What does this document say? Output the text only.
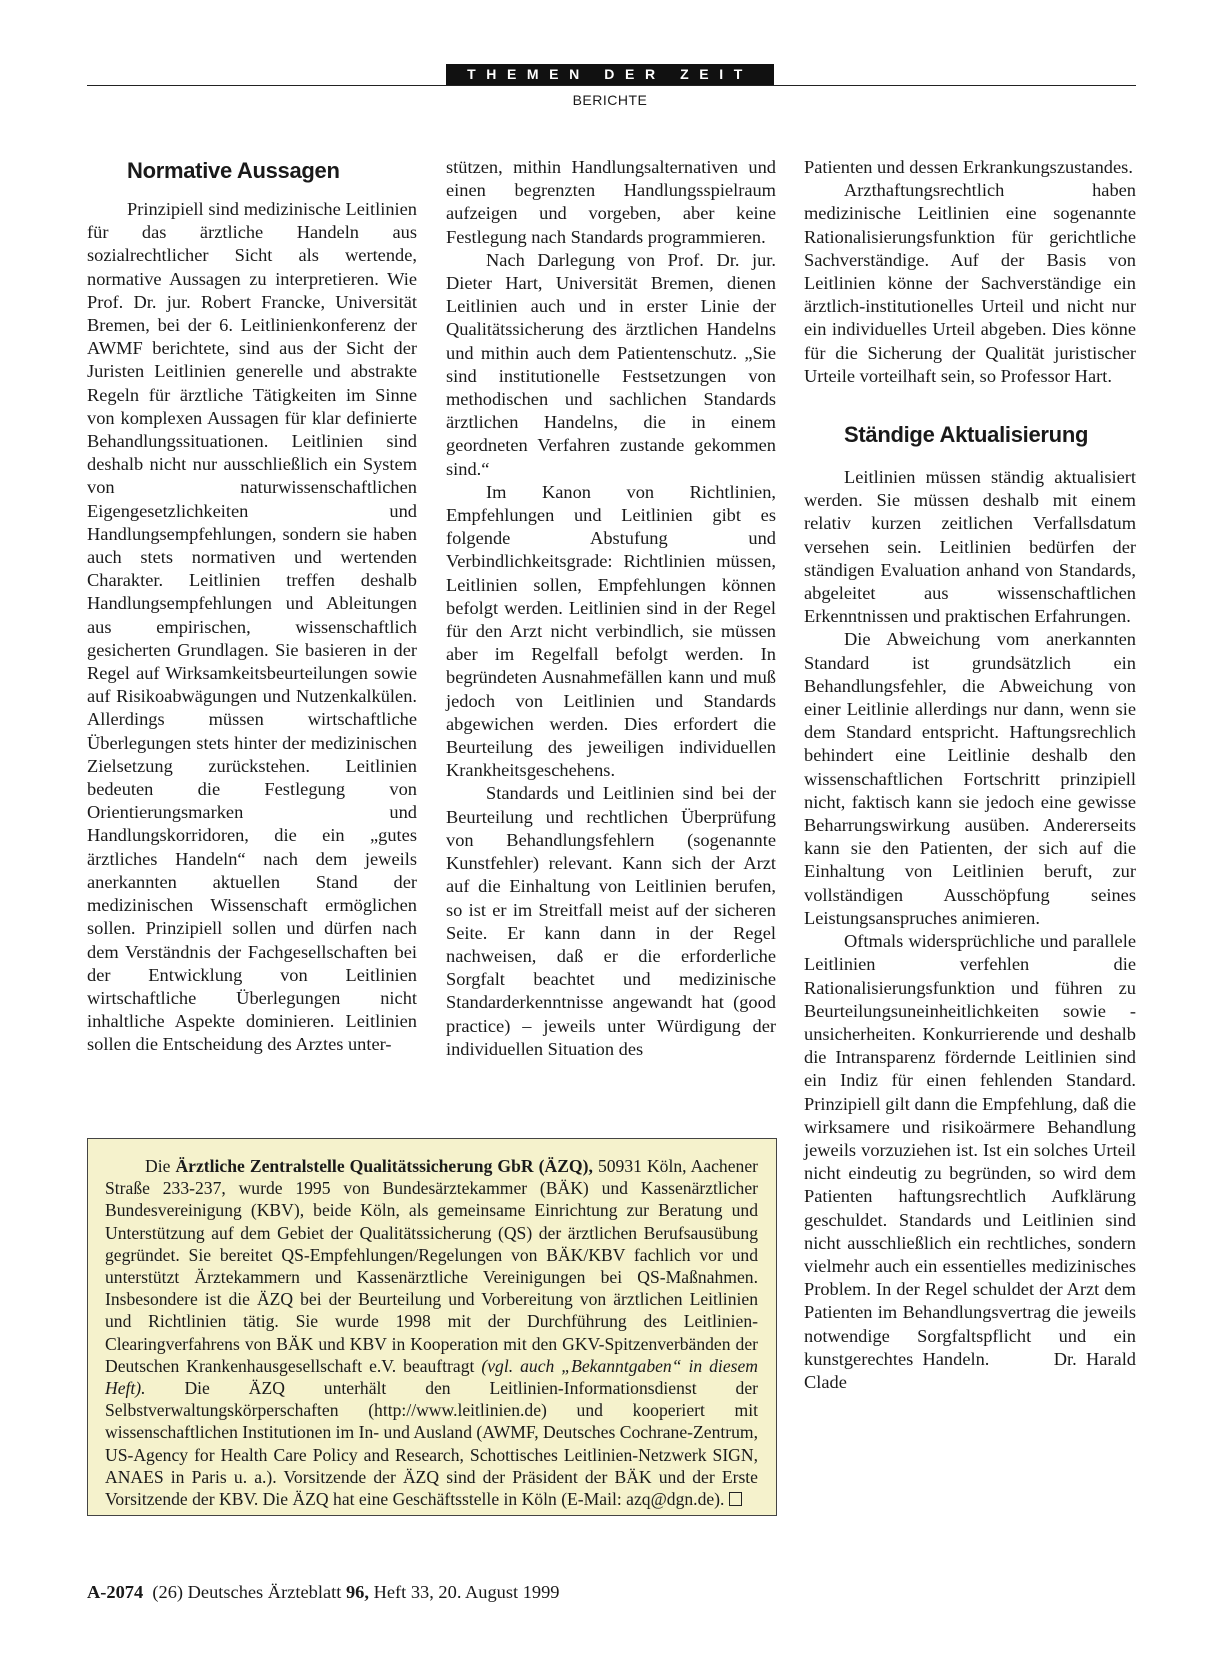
THEMEN DER ZEIT
BERICHTE
Normative Aussagen

Prinzipiell sind medizinische Leitlinien für das ärztliche Handeln aus sozialrechtlicher Sicht als wertende, normative Aussagen zu interpretieren. Wie Prof. Dr. jur. Robert Francke, Universität Bremen, bei der 6. Leitlinienkonferenz der AWMF berichtete, sind aus der Sicht der Juristen Leitlinien generelle und abstrakte Regeln für ärztliche Tätigkeiten im Sinne von komplexen Aussagen für klar definierte Behandlungssituationen. Leitlinien sind deshalb nicht nur ausschließlich ein System von naturwissenschaftlichen Eigengesetzlichkeiten und Handlungsempfehlungen, sondern sie haben auch stets normativen und wertenden Charakter. Leitlinien treffen deshalb Handlungsempfehlungen und Ableitungen aus empirischen, wissenschaftlich gesicherten Grundlagen. Sie basieren in der Regel auf Wirksamkeitsbeurteilungen sowie auf Risikoabwägungen und Nutzenkalkülen. Allerdings müssen wirtschaftliche Überlegungen stets hinter der medizinischen Zielsetzung zurückstehen. Leitlinien bedeuten die Festlegung von Orientierungsmarken und Handlungskorridoren, die ein „gutes ärztliches Handeln“ nach dem jeweils anerkannten aktuellen Stand der medizinischen Wissenschaft ermöglichen sollen. Prinzipiell sollen und dürfen nach dem Verständnis der Fachgesellschaften bei der Entwicklung von Leitlinien wirtschaftliche Überlegungen nicht inhaltliche Aspekte dominieren. Leitlinien sollen die Entscheidung des Arztes unter-

stützen, mithin Handlungsalternativen und einen begrenzten Handlungsspielraum aufzeigen und vorgeben, aber keine Festlegung nach Standards programmieren.

Nach Darlegung von Prof. Dr. jur. Dieter Hart, Universität Bremen, dienen Leitlinien auch und in erster Linie der Qualitätssicherung des ärztlichen Handelns und mithin auch dem Patientenschutz. „Sie sind institutionelle Festsetzungen von methodischen und sachlichen Standards ärztlichen Handelns, die in einem geordneten Verfahren zustande gekommen sind.“

Im Kanon von Richtlinien, Empfehlungen und Leitlinien gibt es folgende Abstufung und Verbindlichkeitsgrade: Richtlinien müssen, Leitlinien sollen, Empfehlungen können befolgt werden. Leitlinien sind in der Regel für den Arzt nicht verbindlich, sie müssen aber im Regelfall befolgt werden. In begründeten Ausnahmefällen kann und muß jedoch von Leitlinien und Standards abgewichen werden. Dies erfordert die Beurteilung des jeweiligen individuellen Krankheitsgeschehens.

Standards und Leitlinien sind bei der Beurteilung und rechtlichen Überprüfung von Behandlungsfehlern (sogenannte Kunstfehler) relevant. Kann sich der Arzt auf die Einhaltung von Leitlinien berufen, so ist er im Streitfall meist auf der sicheren Seite. Er kann dann in der Regel nachweisen, daß er die erforderliche Sorgfalt beachtet und medizinische Standarderkenntnisse angewandt hat (good practice) – jeweils unter Würdigung der individuellen Situation des

Patienten und dessen Erkrankungszustandes.

Arzthaftungsrechtlich haben medizinische Leitlinien eine sogenannte Rationalisierungsfunktion für gerichtliche Sachverständige. Auf der Basis von Leitlinien könne der Sachverständige ein ärztlich-institutionelles Urteil und nicht nur ein individuelles Urteil abgeben. Dies könne für die Sicherung der Qualität juristischer Urteile vorteilhaft sein, so Professor Hart.

Ständige Aktualisierung

Leitlinien müssen ständig aktualisiert werden. Sie müssen deshalb mit einem relativ kurzen zeitlichen Verfallsdatum versehen sein. Leitlinien bedürfen der ständigen Evaluation anhand von Standards, abgeleitet aus wissenschaftlichen Erkenntnissen und praktischen Erfahrungen.

Die Abweichung vom anerkannten Standard ist grundsätzlich ein Behandlungsfehler, die Abweichung von einer Leitlinie allerdings nur dann, wenn sie dem Standard entspricht. Haftungsrechlich behindert eine Leitlinie deshalb den wissenschaftlichen Fortschritt prinzipiell nicht, faktisch kann sie jedoch eine gewisse Beharrungswirkung ausüben. Andererseits kann sie den Patienten, der sich auf die Einhaltung von Leitlinien beruft, zur vollständigen Ausschöpfung seines Leistungsanspruches animieren.

Oftmals widersprüchliche und parallele Leitlinien verfehlen die Rationalisierungsfunktion und führen zu Beurteilungsuneinheitlichkeiten sowie -unsicherheiten. Konkurrierende und deshalb die Intransparenz fördernde Leitlinien sind ein Indiz für einen fehlenden Standard. Prinzipiell gilt dann die Empfehlung, daß die wirksamere und risikoärmere Behandlung jeweils vorzuziehen ist. Ist ein solches Urteil nicht eindeutig zu begründen, so wird dem Patienten haftungsrechtlich Aufklärung geschuldet. Standards und Leitlinien sind nicht ausschließlich ein rechtliches, sondern vielmehr auch ein essentielles medizinisches Problem. In der Regel schuldet der Arzt dem Patienten im Behandlungsvertrag die jeweils notwendige Sorgfaltspflicht und ein kunstgerechtes Handeln.	Dr. Harald Clade

Die Ärztliche Zentralstelle Qualitätssicherung GbR (ÄZQ), 50931 Köln, Aachener Straße 233-237, wurde 1995 von Bundesärztekammer (BÄK) und Kassenärztlicher Bundesvereinigung (KBV), beide Köln, als gemeinsame Einrichtung zur Beratung und Unterstützung auf dem Gebiet der Qualitätssicherung (QS) der ärztlichen Berufsausübung gegründet. Sie bereitet QS-Empfehlungen/Regelungen von BÄK/KBV fachlich vor und unterstützt Ärztekammern und Kassenärztliche Vereinigungen bei QS-Maßnahmen. Insbesondere ist die ÄZQ bei der Beurteilung und Vorbereitung von ärztlichen Leitlinien und Richtlinien tätig. Sie wurde 1998 mit der Durchführung des Leitlinien-Clearingverfahrens von BÄK und KBV in Kooperation mit den GKV-Spitzenverbänden der Deutschen Krankenhausgesellschaft e.V. beauftragt (vgl. auch „Bekanntgaben“ in diesem Heft). Die ÄZQ unterhält den Leitlinien-Informationsdienst der Selbstverwaltungskörperschaften (http://www.leitlinien.de) und kooperiert mit wissenschaftlichen Institutionen im In- und Ausland (AWMF, Deutsches Cochrane-Zentrum, US-Agency for Health Care Policy and Research, Schottisches Leitlinien-Netzwerk SIGN, ANAES in Paris u. a.). Vorsitzende der ÄZQ sind der Präsident der BÄK und der Erste Vorsitzende der KBV. Die ÄZQ hat eine Geschäftsstelle in Köln (E-Mail: azq@dgn.de).

A-2074 (26) Deutsches Ärzteblatt 96, Heft 33, 20. August 1999
